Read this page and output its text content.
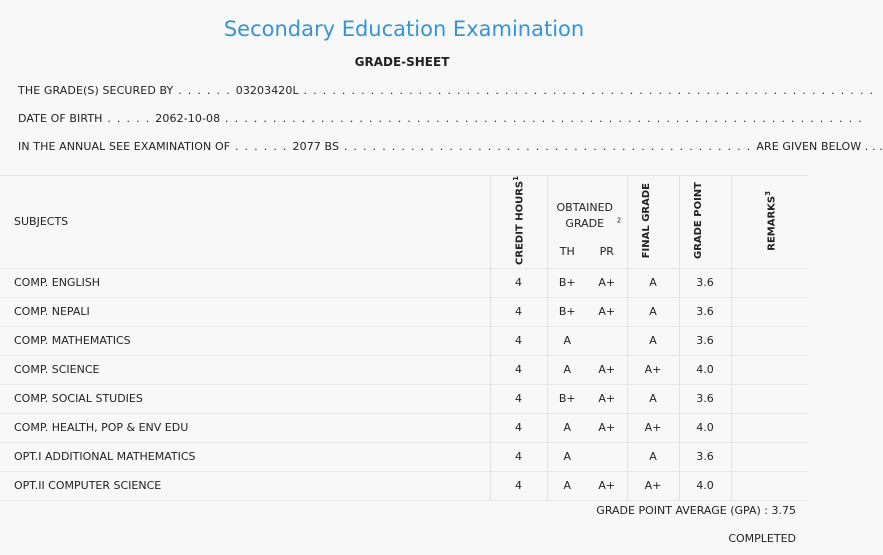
Secondary Education Examination
GRADE-SHEET
THE GRADE(S) SECURED BY . . . . . . 03203420L . . . . . . . . . . . . . . . . . . . . . . . . . . . . . . . . . . . . . . . . . . . . . . . . . . . . . . . . . . . .
DATE OF BIRTH . . . . . 2062-10-08 . . . . . . . . . . . . . . . . . . . . . . . . . . . . . . . . . . . . . . . . . . . . . . . . . . . . . . . . . . . . . . . . . . .
IN THE ANNUAL SEE EXAMINATION OF . . . . . . 2077 BS . . . . . . . . . . . . . . . . . . . . . . . . . . . . . . . . . . . . . . . . . . . ARE GIVEN BELOW . . .
SUBJECTS	CREDIT HOURS$^1$	OBTAINED GRADE $^2$		FINAL GRADE	GRADE POINT	REMARKS$^3$
		TH	PR			
COMP. ENGLISH	4	B+	A+	A	3.6	
COMP. NEPALI	4	B+	A+	A	3.6	
COMP. MATHEMATICS	4	A		A	3.6	
COMP. SCIENCE	4	A	A+	A+	4.0	
COMP. SOCIAL STUDIES	4	B+	A+	A	3.6	
COMP. HEALTH, POP & ENV EDU	4	A	A+	A+	4.0	
OPT.I ADDITIONAL MATHEMATICS	4	A		A	3.6	
OPT.II COMPUTER SCIENCE	4	A	A+	A+	4.0	
GRADE POINT AVERAGE (GPA) : 3.75
COMPLETED
